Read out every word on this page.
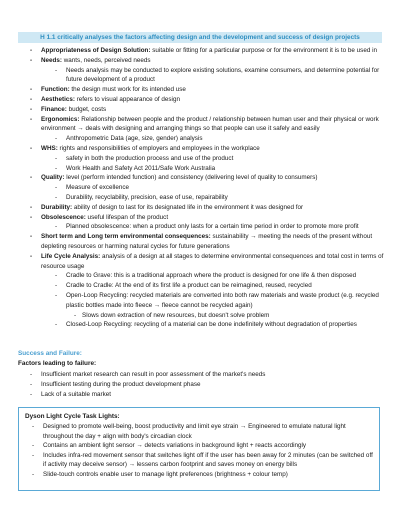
H 1.1 critically analyses the factors affecting design and the development and success of design projects
- Appropriateness of Design Solution: suitable or fitting for a particular purpose or for the environment it is to be used in
- Needs: wants, needs, perceived needs
- Needs analysis may be conducted to explore existing solutions, examine consumers, and determine potential for future development of a product
- Function: the design must work for its intended use
- Aesthetics: refers to visual appearance of design
- Finance: budget, costs
- Ergonomics: Relationship between people and the product / relationship between human user and their physical or work environment → deals with designing and arranging things so that people can use it safely and easily
- Anthropometric Data (age, size, gender) analysis
- WHS: rights and responsibilities of employers and employees in the workplace
- safety in both the production process and use of the product
- Work Health and Safety Act 2011/Safe Work Australia
- Quality: level (perform intended function) and consistency (delivering level of quality to consumers)
- Measure of excellence
- Durability, recyclability, precision, ease of use, repairability
- Durability: ability of design to last for its designated life in the environment it was designed for
- Obsolescence: useful lifespan of the product
- Planned obsolescence: when a product only lasts for a certain time period in order to promote more profit
- Short term and Long term environmental consequences: sustainability → meeting the needs of the present without depleting resources or harming natural cycles for future generations
- Life Cycle Analysis: analysis of a design at all stages to determine environmental consequences and total cost in terms of resource usage
- Cradle to Grave: this is a traditional approach where the product is designed for one life & then disposed
- Cradle to Cradle: At the end of its first life a product can be reimagined, reused, recycled
- Open-Loop Recycling: recycled materials are converted into both raw materials and waste product (e.g. recycled plastic bottles made into fleece → fleece cannot be recycled again)
- Slows down extraction of new resources, but doesn't solve problem
- Closed-Loop Recycling: recycling of a material can be done indefinitely without degradation of properties
Success and Failure:
Factors leading to failure:
- Insufficient market research can result in poor assessment of the market's needs
- Insufficient testing during the product development phase
- Lack of a suitable market
Dyson Light Cycle Task Lights:
- Designed to promote well-being, boost productivity and limit eye strain → Engineered to emulate natural light throughout the day + align with body's circadian clock
- Contains an ambient light sensor → detects variations in background light + reacts accordingly
- Includes infra-red movement sensor that switches light off if the user has been away for 2 minutes (can be switched off if activity may deceive sensor) → lessens carbon footprint and saves money on energy bills
- Slide-touch controls enable user to manage light preferences (brightness + colour temp)
